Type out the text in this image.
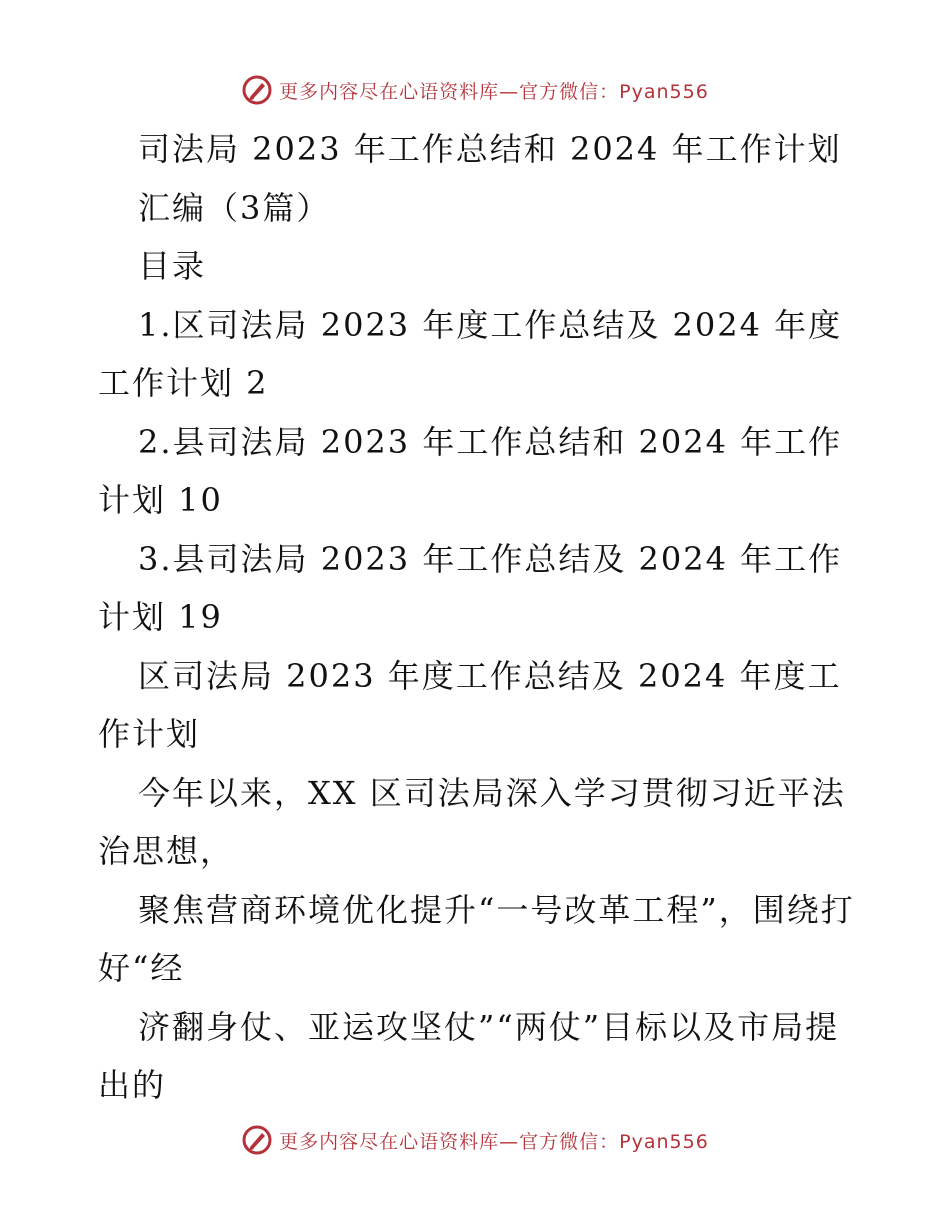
更多内容尽在心语资料库—官方微信：Pyan556

司法局 2023 年工作总结和 2024 年工作计划

汇编（3篇）

目录

1.区司法局 2023 年度工作总结及 2024 年度工作计划 2

2.县司法局 2023 年工作总结和 2024 年工作计划 10

3.县司法局 2023 年工作总结及 2024 年工作计划 19

区司法局 2023 年度工作总结及 2024 年度工作计划

今年以来，XX 区司法局深入学习贯彻习近平法治思想，

聚焦营商环境优化提升“一号改革工程”，围绕打好“经

济翻身仗、亚运攻坚仗”“两仗”目标以及市局提出的

更多内容尽在心语资料库—官方微信：Pyan556
